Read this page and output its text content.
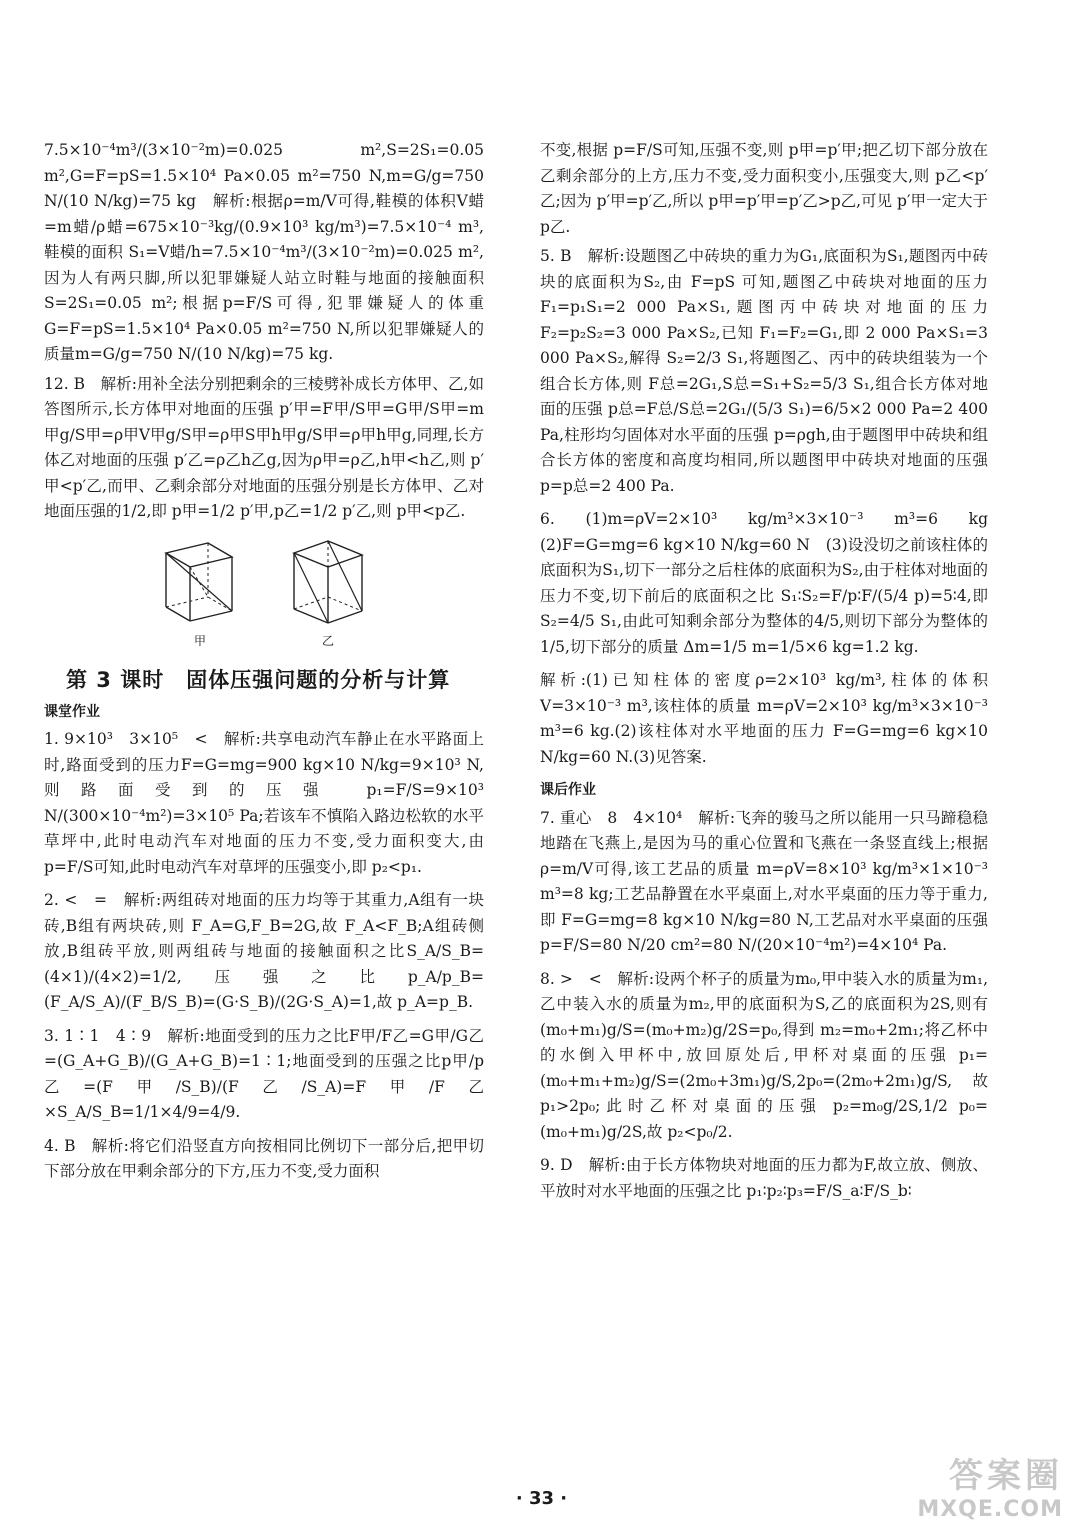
7.5×10⁻⁴m³/(3×10⁻²m)=0.025 m²,S=2S₁=0.05 m²,G=F=pS=1.5×10⁴ Pa×0.05 m²=750 N,m=G/g=750 N/(10 N/kg)=75 kg　解析:根据ρ=m/V可得,鞋模的体积V蜡=m蜡/ρ蜡=675×10⁻³kg/(0.9×10³ kg/m³)=7.5×10⁻⁴ m³,鞋模的面积 S₁=V蜡/h=7.5×10⁻⁴m³/(3×10⁻²m)=0.025 m²,因为人有两只脚,所以犯罪嫌疑人站立时鞋与地面的接触面积S=2S₁=0.05 m²;根据p=F/S可得,犯罪嫌疑人的体重G=F=pS=1.5×10⁴ Pa×0.05 m²=750 N,所以犯罪嫌疑人的质量m=G/g=750 N/(10 N/kg)=75 kg.

12. B　解析:用补全法分别把剩余的三棱劈补成长方体甲、乙,如答图所示,长方体甲对地面的压强 p′甲=F甲/S甲=G甲/S甲=m甲g/S甲=ρ甲V甲g/S甲=ρ甲S甲h甲g/S甲=ρ甲h甲g,同理,长方体乙对地面的压强 p′乙=ρ乙h乙g,因为ρ甲=ρ乙,h甲<h乙,则 p′甲<p′乙,而甲、乙剩余部分对地面的压强分别是长方体甲、乙对地面压强的1/2,即 p甲=1/2 p′甲,p乙=1/2 p′乙,则 p甲<p乙.

甲	乙
第 3 课时　固体压强问题的分析与计算
课堂作业

1. 9×10³　3×10⁵　<　解析:共享电动汽车静止在水平路面上时,路面受到的压力F=G=mg=900 kg×10 N/kg=9×10³ N,则路面受到的压强 p₁=F/S=9×10³ N/(300×10⁻⁴m²)=3×10⁵ Pa;若该车不慎陷入路边松软的水平草坪中,此时电动汽车对地面的压力不变,受力面积变大,由 p=F/S可知,此时电动汽车对草坪的压强变小,即 p₂<p₁.

2. <　=　解析:两组砖对地面的压力均等于其重力,A组有一块砖,B组有两块砖,则 F_A=G,F_B=2G,故 F_A<F_B;A组砖侧放,B组砖平放,则两组砖与地面的接触面积之比S_A/S_B=(4×1)/(4×2)=1/2,压强之比p_A/p_B=(F_A/S_A)/(F_B/S_B)=(G·S_B)/(2G·S_A)=1,故 p_A=p_B.

3. 1∶1　4∶9　解析:地面受到的压力之比F甲/F乙=G甲/G乙=(G_A+G_B)/(G_A+G_B)=1∶1;地面受到的压强之比p甲/p乙=(F甲/S_B)/(F乙/S_A)=F甲/F乙×S_A/S_B=1/1×4/9=4/9.

4. B　解析:将它们沿竖直方向按相同比例切下一部分后,把甲切下部分放在甲剩余部分的下方,压力不变,受力面积

不变,根据 p=F/S可知,压强不变,则 p甲=p′甲;把乙切下部分放在乙剩余部分的上方,压力不变,受力面积变小,压强变大,则 p乙<p′乙;因为 p′甲=p′乙,所以 p甲=p′甲=p′乙>p乙,可见 p′甲一定大于 p乙.

5. B　解析:设题图乙中砖块的重力为G₁,底面积为S₁,题图丙中砖块的底面积为S₂,由 F=pS 可知,题图乙中砖块对地面的压力 F₁=p₁S₁=2 000 Pa×S₁,题图丙中砖块对地面的压力 F₂=p₂S₂=3 000 Pa×S₂,已知 F₁=F₂=G₁,即 2 000 Pa×S₁=3 000 Pa×S₂,解得 S₂=2/3 S₁,将题图乙、丙中的砖块组装为一个组合长方体,则 F总=2G₁,S总=S₁+S₂=5/3 S₁,组合长方体对地面的压强 p总=F总/S总=2G₁/(5/3 S₁)=6/5×2 000 Pa=2 400 Pa,柱形均匀固体对水平面的压强 p=ρgh,由于题图甲中砖块和组合长方体的密度和高度均相同,所以题图甲中砖块对地面的压强 p=p总=2 400 Pa.

6. (1)m=ρV=2×10³ kg/m³×3×10⁻³ m³=6 kg　(2)F=G=mg=6 kg×10 N/kg=60 N　(3)设没切之前该柱体的底面积为S₁,切下一部分之后柱体的底面积为S₂,由于柱体对地面的压力不变,切下前后的底面积之比 S₁∶S₂=F/p∶F/(5/4 p)=5∶4,即 S₂=4/5 S₁,由此可知剩余部分为整体的4/5,则切下部分为整体的1/5,切下部分的质量 Δm=1/5 m=1/5×6 kg=1.2 kg.

解析:(1)已知柱体的密度ρ=2×10³ kg/m³,柱体的体积V=3×10⁻³ m³,该柱体的质量 m=ρV=2×10³ kg/m³×3×10⁻³ m³=6 kg.(2)该柱体对水平地面的压力 F=G=mg=6 kg×10 N/kg=60 N.(3)见答案.

课后作业

7. 重心　8　4×10⁴　解析:飞奔的骏马之所以能用一只马蹄稳稳地踏在飞燕上,是因为马的重心位置和飞燕在一条竖直线上;根据ρ=m/V可得,该工艺品的质量 m=ρV=8×10³ kg/m³×1×10⁻³ m³=8 kg;工艺品静置在水平桌面上,对水平桌面的压力等于重力,即 F=G=mg=8 kg×10 N/kg=80 N,工艺品对水平桌面的压强 p=F/S=80 N/20 cm²=80 N/(20×10⁻⁴m²)=4×10⁴ Pa.

8. >　<　解析:设两个杯子的质量为m₀,甲中装入水的质量为m₁,乙中装入水的质量为m₂,甲的底面积为S,乙的底面积为2S,则有(m₀+m₁)g/S=(m₀+m₂)g/2S=p₀,得到 m₂=m₀+2m₁;将乙杯中的水倒入甲杯中,放回原处后,甲杯对桌面的压强 p₁=(m₀+m₁+m₂)g/S=(2m₀+3m₁)g/S,2p₀=(2m₀+2m₁)g/S,故 p₁>2p₀;此时乙杯对桌面的压强 p₂=m₀g/2S,1/2 p₀=(m₀+m₁)g/2S,故 p₂<p₀/2.

9. D　解析:由于长方体物块对地面的压力都为F,故立放、侧放、平放时对水平地面的压强之比 p₁∶p₂∶p₃=F/S_a∶F/S_b∶

· 33 ·
答案圈
MXQE.COM
